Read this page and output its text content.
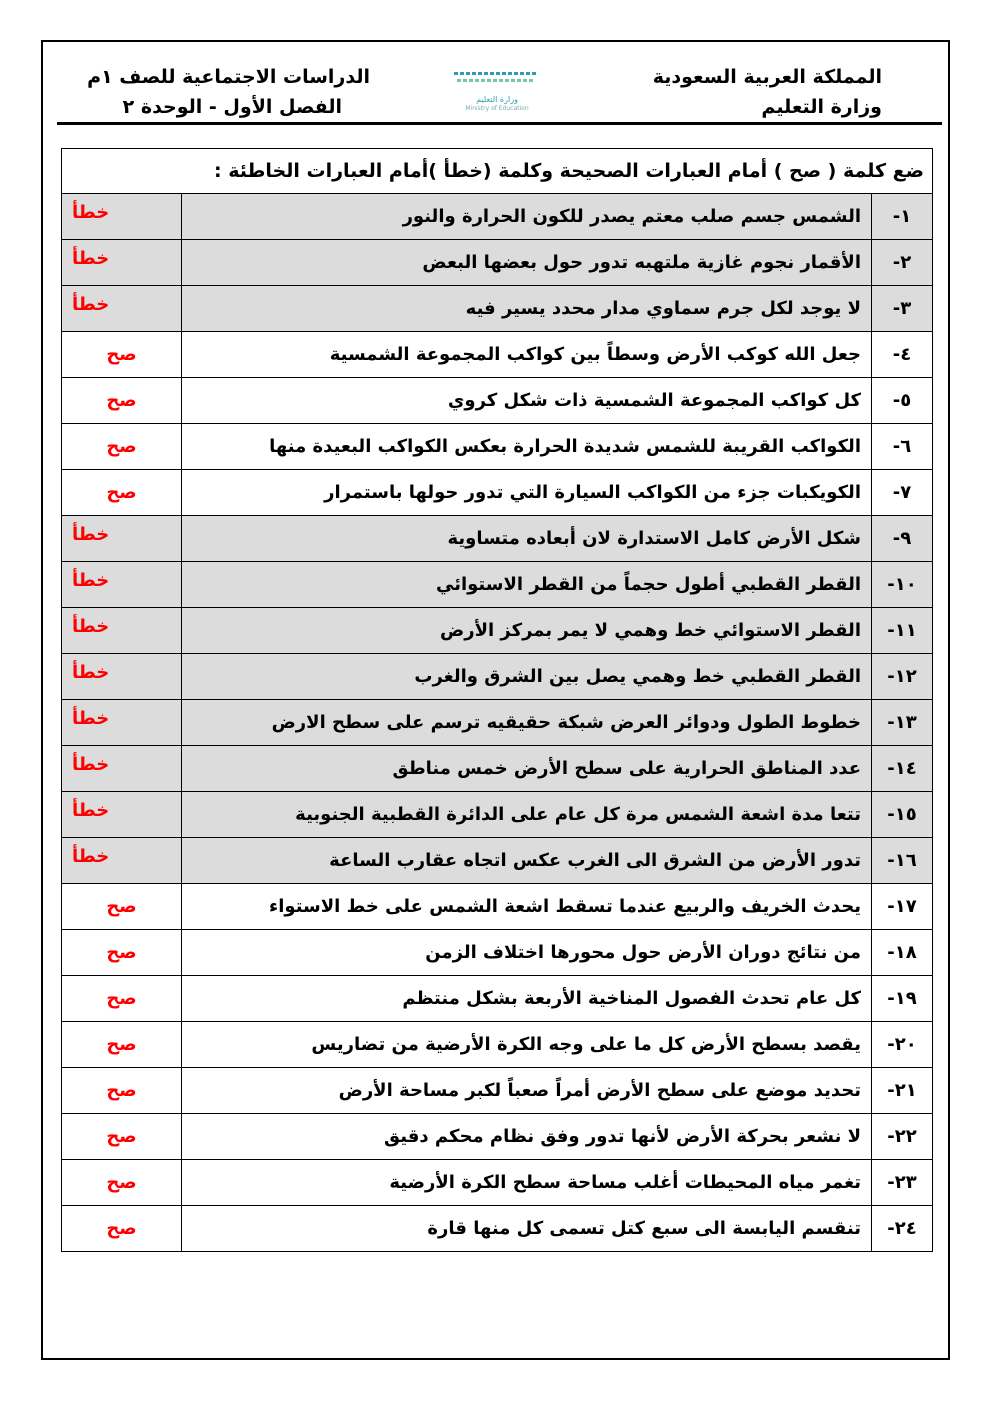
المملكة العربية السعودية
وزارة التعليم
وزارة التعليم
Ministry of Education
الدراسات الاجتماعية للصف ١م
الفصل الأول - الوحدة ٢
ضع كلمة ( صح ) أمام العبارات الصحيحة وكلمة (خطأ )أمام العبارات الخاطئة :		
١-	الشمس جسم صلب معتم يصدر للكون الحرارة والنور	خطأ
٢-	الأقمار نجوم غازية ملتهبه تدور حول بعضها البعض	خطأ
٣-	لا يوجد لكل جرم سماوي مدار محدد يسير فيه	خطأ
٤-	جعل الله كوكب الأرض وسطاً بين كواكب المجموعة الشمسية	صح
٥-	كل كواكب المجموعة الشمسية ذات شكل كروي	صح
٦-	الكواكب القريبة للشمس شديدة الحرارة بعكس الكواكب البعيدة منها	صح
٧-	الكويكبات جزء من الكواكب السيارة التي تدور حولها باستمرار	صح
٩-	شكل الأرض كامل الاستدارة لان أبعاده متساوية	خطأ
١٠-	القطر القطبي أطول حجماً من القطر الاستوائي	خطأ
١١-	القطر الاستوائي خط وهمي لا يمر بمركز الأرض	خطأ
١٢-	القطر القطبي خط وهمي يصل بين الشرق والغرب	خطأ
١٣-	خطوط الطول ودوائر العرض شبكة حقيقيه ترسم على سطح الارض	خطأ
١٤-	عدد المناطق الحرارية على سطح الأرض خمس مناطق	خطأ
١٥-	تتعا مدة اشعة الشمس مرة كل عام على الدائرة القطبية الجنوبية	خطأ
١٦-	تدور الأرض من الشرق الى الغرب عكس اتجاه عقارب الساعة	خطأ
١٧-	يحدث الخريف والربيع عندما تسقط اشعة الشمس على خط الاستواء	صح
١٨-	من نتائج دوران الأرض حول محورها اختلاف الزمن	صح
١٩-	كل عام تحدث الفصول المناخية الأربعة بشكل منتظم	صح
٢٠-	يقصد بسطح الأرض كل ما على وجه الكرة الأرضية من تضاريس	صح
٢١-	تحديد موضع على سطح الأرض أمراً صعباً لكبر مساحة الأرض	صح
٢٢-	لا نشعر بحركة الأرض لأنها تدور وفق نظام محكم دقيق	صح
٢٣-	تغمر مياه المحيطات أغلب مساحة سطح الكرة الأرضية	صح
٢٤-	تنقسم اليابسة الى سبع كتل تسمى كل منها قارة	صح
